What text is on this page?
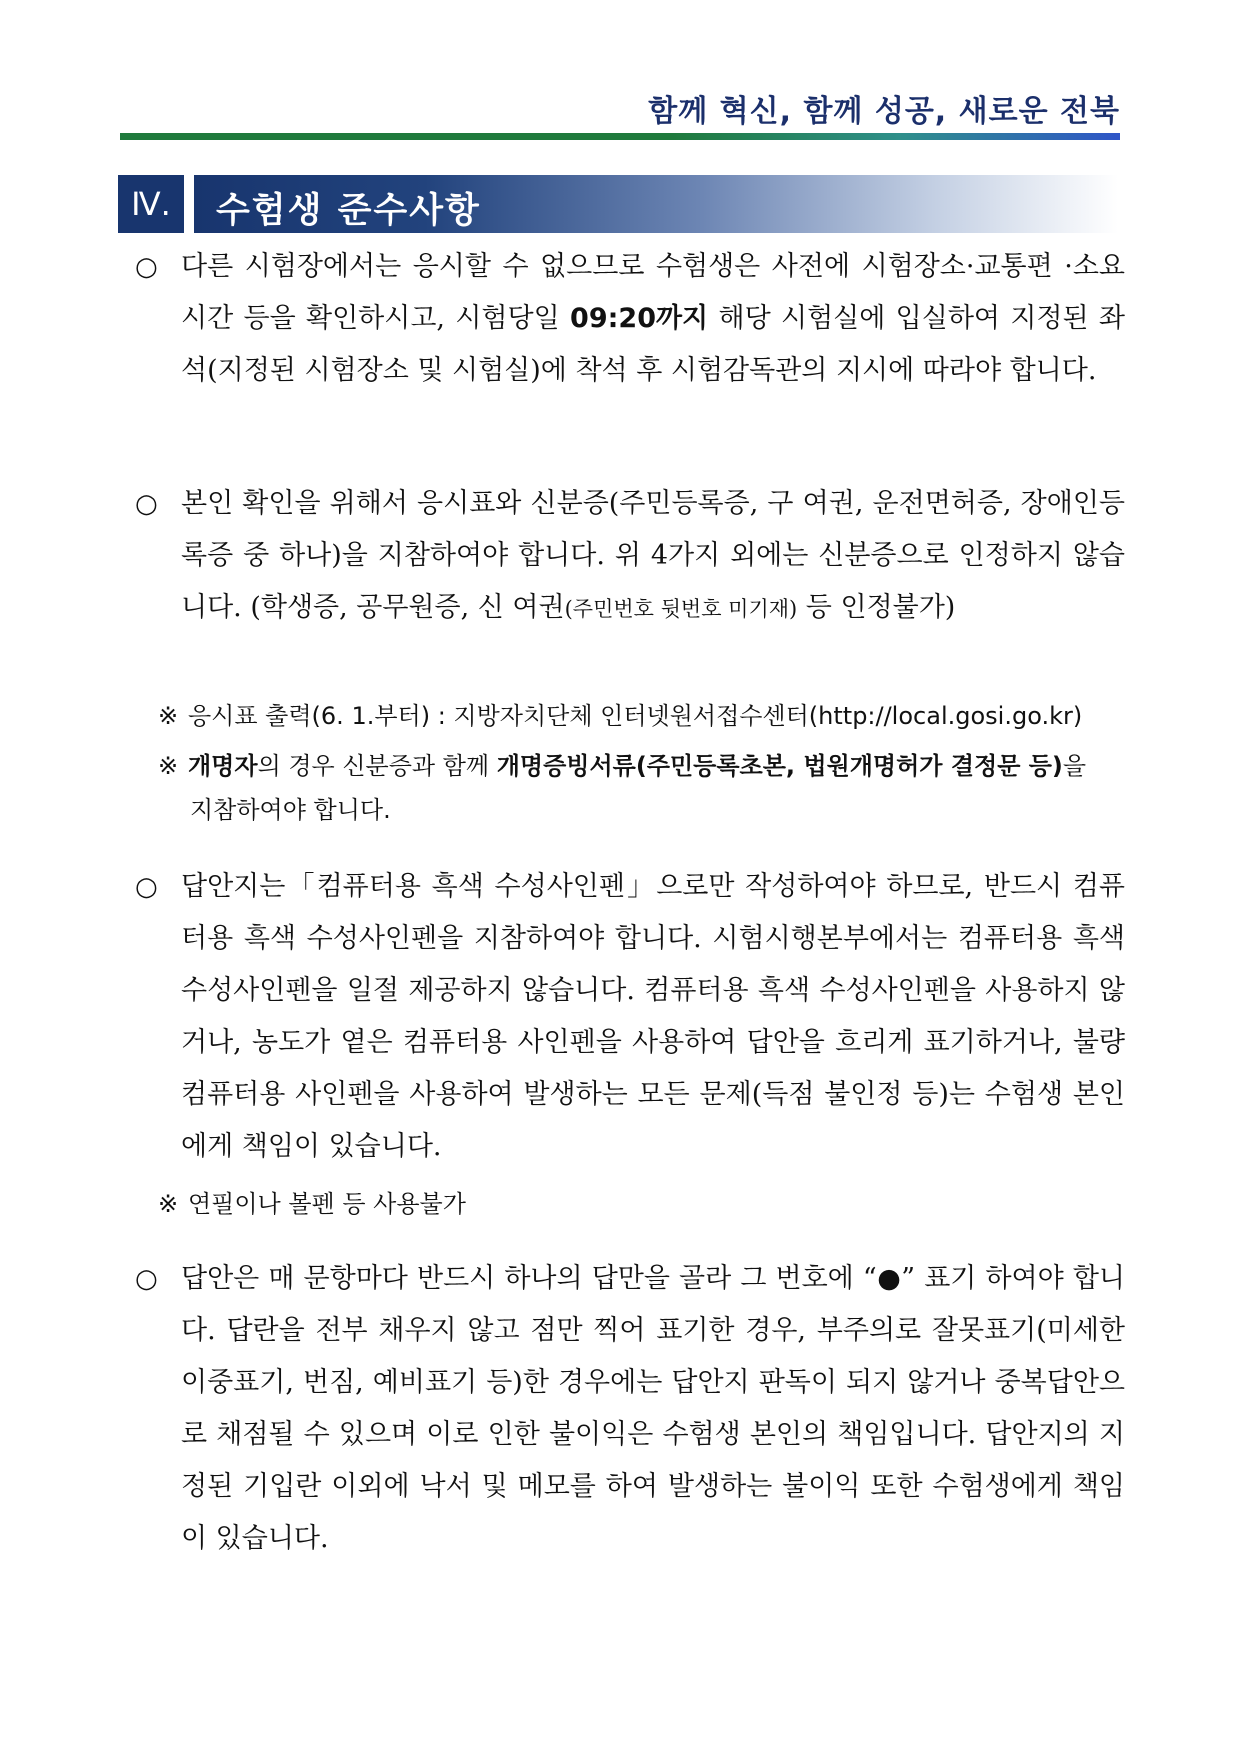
함께 혁신, 함께 성공, 새로운 전북
Ⅳ.	수험생 준수사항
○ 다른 시험장에서는 응시할 수 없으므로 수험생은 사전에 시험장소·교통편 ·소요시간 등을 확인하시고, 시험당일 09:20까지 해당 시험실에 입실하여 지정된 좌석(지정된 시험장소 및 시험실)에 착석 후 시험감독관의 지시에 따라야 합니다.
○ 본인 확인을 위해서 응시표와 신분증(주민등록증, 구 여권, 운전면허증, 장애인등록증 중 하나)을 지참하여야 합니다. 위 4가지 외에는 신분증으로 인정하지 않습니다. (학생증, 공무원증, 신 여권(주민번호 뒷번호 미기재) 등 인정불가)
※ 응시표 출력(6. 1.부터) : 지방자치단체 인터넷원서접수센터(http://local.gosi.go.kr)
※ 개명자의 경우 신분증과 함께 개명증빙서류(주민등록초본, 법원개명허가 결정문 등)을
지참하여야 합니다.
○ 답안지는「컴퓨터용 흑색 수성사인펜」으로만 작성하여야 하므로, 반드시 컴퓨터용 흑색 수성사인펜을 지참하여야 합니다. 시험시행본부에서는 컴퓨터용 흑색 수성사인펜을 일절 제공하지 않습니다. 컴퓨터용 흑색 수성사인펜을 사용하지 않거나, 농도가 옅은 컴퓨터용 사인펜을 사용하여 답안을 흐리게 표기하거나, 불량 컴퓨터용 사인펜을 사용하여 발생하는 모든 문제(득점 불인정 등)는 수험생 본인에게 책임이 있습니다.
※ 연필이나 볼펜 등 사용불가
○ 답안은 매 문항마다 반드시 하나의 답만을 골라 그 번호에 “●” 표기 하여야 합니다. 답란을 전부 채우지 않고 점만 찍어 표기한 경우, 부주의로 잘못표기(미세한 이중표기, 번짐, 예비표기 등)한 경우에는 답안지 판독이 되지 않거나 중복답안으로 채점될 수 있으며 이로 인한 불이익은 수험생 본인의 책임입니다. 답안지의 지정된 기입란 이외에 낙서 및 메모를 하여 발생하는 불이익 또한 수험생에게 책임이 있습니다.
